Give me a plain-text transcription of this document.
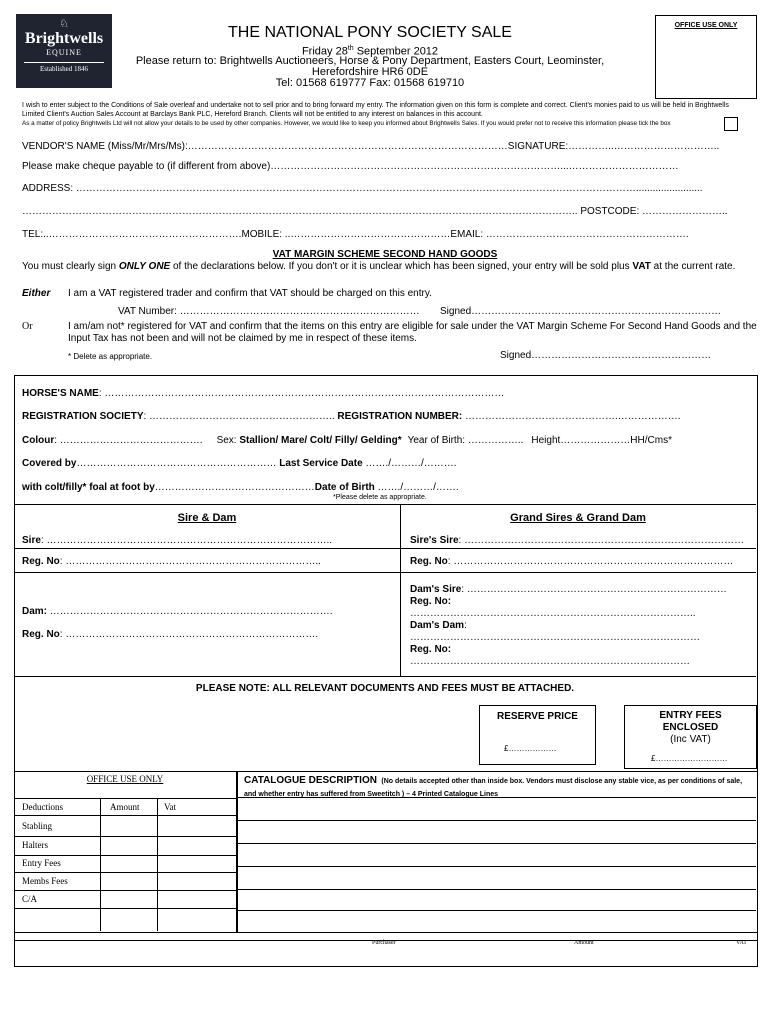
♘
Brightwells
EQUINE
Established 1846
THE NATIONAL PONY SOCIETY SALE
Friday 28th September 2012
Please return to: Brightwells Auctioneers, Horse & Pony Department, Easters Court, Leominster,
Herefordshire HR6 0DE
Tel: 01568 619777 Fax: 01568 619710
OFFICE USE ONLY
I wish to enter subject to the Conditions of Sale overleaf and undertake not to sell prior and to bring forward my entry. The information given on this form is complete and correct. Client's monies paid to us will be held in Brightwells Limited Client's Auction Sales Account at Barclays Bank PLC, Hereford Branch. Clients will not be entitled to any interest on balances in this account.
As a matter of policy Brightwells Ltd will not allow your details to be used by other companies. However, we would like to keep you informed about Brightwells Sales. If you would prefer not to receive this information please tick the box
VENDOR'S NAME (Miss/Mr/Mrs/Ms):……………………………………………………………………………………SIGNATURE:…………..…………………………..
Please make cheque payable to (if different from above)……………………………………………………………………………...……………………………
ADDRESS: ……………………………………………………………………………………………………………………………………………………........................
………………………………………………………………………………………………………………………………………………….. POSTCODE: ……………………..
TEL:..………………………………………………….MOBILE: ..…………………………………………EMAIL: …………………………………………………….
VAT MARGIN SCHEME SECOND HAND GOODS
You must clearly sign ONLY ONE of the declarations below. If you don't or it is unclear which has been signed, your entry will be sold plus VAT at the current rate.
Either I am a VAT registered trader and confirm that VAT should be charged on this entry.
VAT Number: ……………………………………………………………… Signed…………………………………………………………………
Or	I am/am not* registered for VAT and confirm that the items on this entry are eligible for sale under the VAT Margin Scheme For Second Hand Goods and the Input Tax has not been and will not be claimed by me in respect of these items.
* Delete as appropriate.	Signed………………………………………………
HORSE'S NAME: …………………………………………………………………………………………………………
REGISTRATION SOCIETY: ……………………………………………….. REGISTRATION NUMBER: ……………………………………….……………….
Colour: ……………………………………. Sex: Stallion/ Mare/ Colt/ Filly/ Gelding* Year of Birth: …………….. Height…………………HH/Cms*
Covered by…………………………………………………… Last Service Date ……./………/……….
with colt/filly* foal at foot by…………………………………………Date of Birth ……./………/…….
*Please delete as appropriate.
Sire & Dam	Grand Sires & Grand Dam
Sire: …………………………………………………………………………..
Reg. No: …………………………………………………………………..
Dam: ………………………………………………………………………….
Reg. No: ………………………………………………………………….
Sire's Sire: …………………………………………………………………………
Reg. No: …………………………………………………………………………
Dam's Sire: ……………………………………………………………………
Reg. No:
…………………………………………………………………………..
Dam's Dam:
……………………………………………………………………………
Reg. No:
…………………………………………………………………………
PLEASE NOTE: ALL RELEVANT DOCUMENTS AND FEES MUST BE ATTACHED.
RESERVE PRICE
£………………
ENTRY FEES
ENCLOSED
(Inc VAT)
£………………………
OFFICE USE ONLY
Deductions	Amount	Vat
Stabling
Halters
Entry Fees
Membs Fees
C/A
CATALOGUE DESCRIPTION (No details accepted other than inside box. Vendors must disclose any stable vice, as per conditions of sale, and whether entry has suffered from Sweetitch ) – 4 Printed Catalogue Lines
Purchaser	Amount	VAT
